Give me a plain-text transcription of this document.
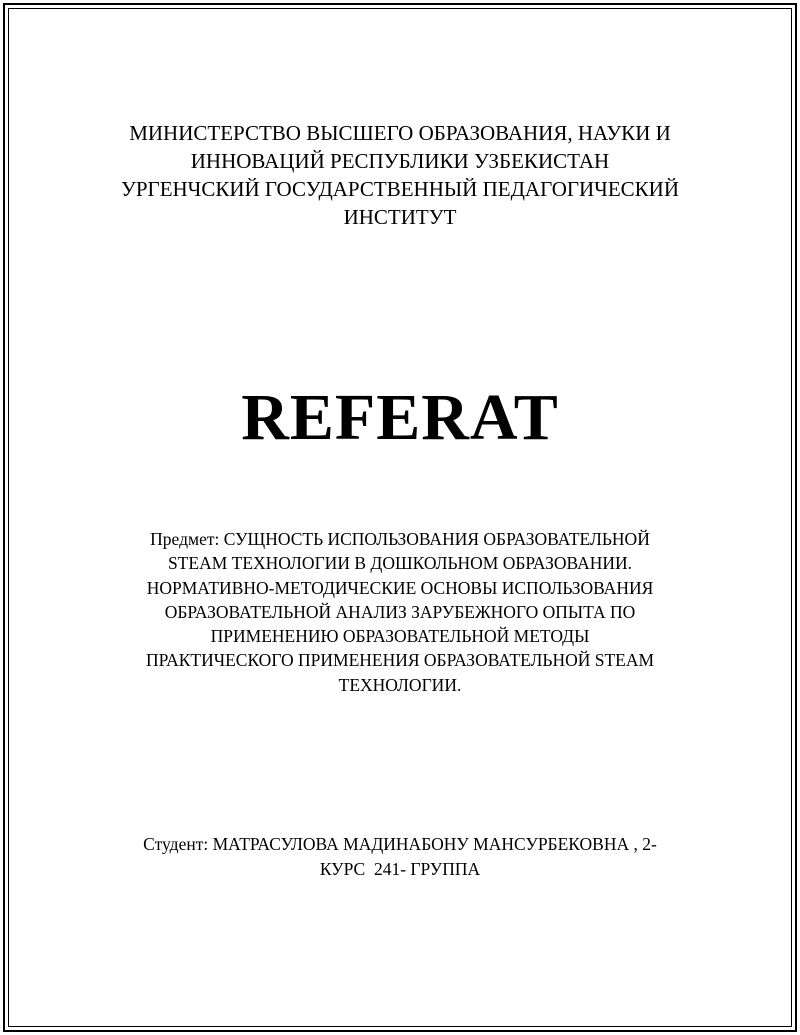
МИНИСТЕРСТВО ВЫСШЕГО ОБРАЗОВАНИЯ, НАУКИ И
ИННОВАЦИЙ РЕСПУБЛИКИ УЗБЕКИСТАН
УРГЕНЧСКИЙ ГОСУДАРСТВЕННЫЙ ПЕДАГОГИЧЕСКИЙ
ИНСТИТУТ
REFERAT
Предмет: СУЩНОСТЬ ИСПОЛЬЗОВАНИЯ ОБРАЗОВАТЕЛЬНОЙ
STEAM ТЕХНОЛОГИИ В ДОШКОЛЬНОМ ОБРАЗОВАНИИ.
НОРМАТИВНО-МЕТОДИЧЕСКИЕ ОСНОВЫ ИСПОЛЬЗОВАНИЯ
ОБРАЗОВАТЕЛЬНОЙ АНАЛИЗ ЗАРУБЕЖНОГО ОПЫТА ПО
ПРИМЕНЕНИЮ ОБРАЗОВАТЕЛЬНОЙ МЕТОДЫ
ПРАКТИЧЕСКОГО ПРИМЕНЕНИЯ ОБРАЗОВАТЕЛЬНОЙ STEAM
ТЕХНОЛОГИИ.
Студент: МАТРАСУЛОВА МАДИНАБОНУ МАНСУРБЕКОВНА , 2-
КУРС  241- ГРУППА
